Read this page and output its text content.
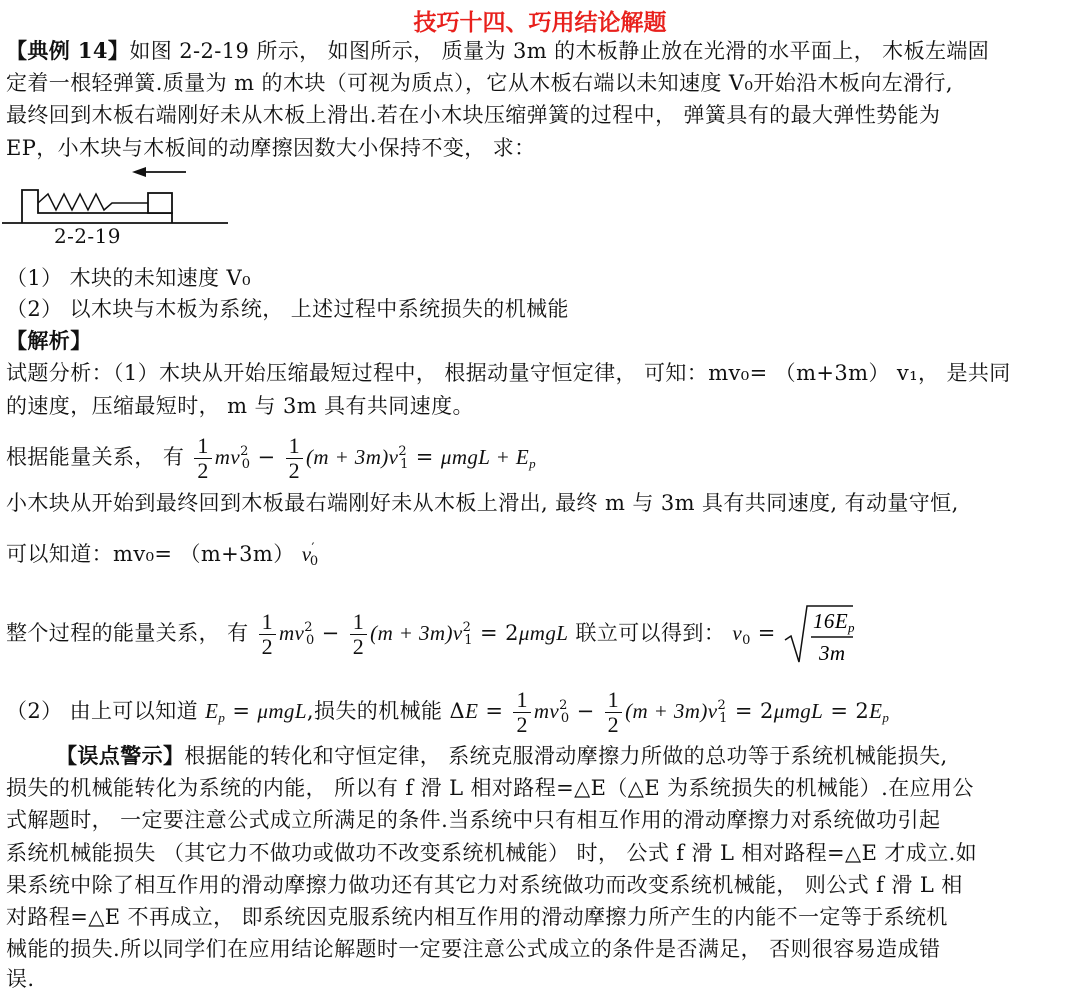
技巧十四、巧用结论解题
【典例 14】如图 2-2-19 所示， 如图所示， 质量为 3m 的木板静止放在光滑的水平面上， 木板左端固
定着一根轻弹簧.质量为 m 的木块（可视为质点），它从木板右端以未知速度 V₀开始沿木板向左滑行,
最终回到木板右端刚好未从木板上滑出.若在小木块压缩弹簧的过程中， 弹簧具有的最大弹性势能为
EP，小木块与木板间的动摩擦因数大小保持不变， 求：
2-2-19
（1） 木块的未知速度 V₀
（2） 以木块与木板为系统， 上述过程中系统损失的机械能
【解析】
试题分析：（1）木块从开始压缩最短过程中， 根据动量守恒定律， 可知：mv₀= （m+3m） v₁， 是共同
的速度，压缩最短时， m 与 3m 具有共同速度。
根据能量关系， 有 $\frac{1}{2} mv^2_0 - \frac{1}{2} (m + 3m)v^2_1 = \mu mgL + E_p$
小木块从开始到最终回到木板最右端刚好未从木板上滑出, 最终 m 与 3m 具有共同速度, 有动量守恒,
可以知道：mv₀= （m+3m） $v'_0$
整个过程的能量关系， 有 $\frac{1}{2} mv^2_0 - \frac{1}{2} (m + 3m)v^2_1 = 2\mu mgL$ 联立可以得到： $v_0 = 16Ep$
3m
（2） 由上可以知道 $E_p = \mu mgL$,损失的机械能 $\Delta E = \frac{1}{2} mv^2_0 - \frac{1}{2} (m + 3m)v^2_1 = 2\mu mgL = 2E_p$
【误点警示】根据能的转化和守恒定律， 系统克服滑动摩擦力所做的总功等于系统机械能损失,
损失的机械能转化为系统的内能， 所以有 f 滑 L 相对路程=△E（△E 为系统损失的机械能）.在应用公
式解题时， 一定要注意公式成立所满足的条件.当系统中只有相互作用的滑动摩擦力对系统做功引起
系统机械能损失 （其它力不做功或做功不改变系统机械能） 时， 公式 f 滑 L 相对路程=△E 才成立.如
果系统中除了相互作用的滑动摩擦力做功还有其它力对系统做功而改变系统机械能， 则公式 f 滑 L 相
对路程=△E 不再成立， 即系统因克服系统内相互作用的滑动摩擦力所产生的内能不一定等于系统机
械能的损失.所以同学们在应用结论解题时一定要注意公式成立的条件是否满足， 否则很容易造成错
误.
